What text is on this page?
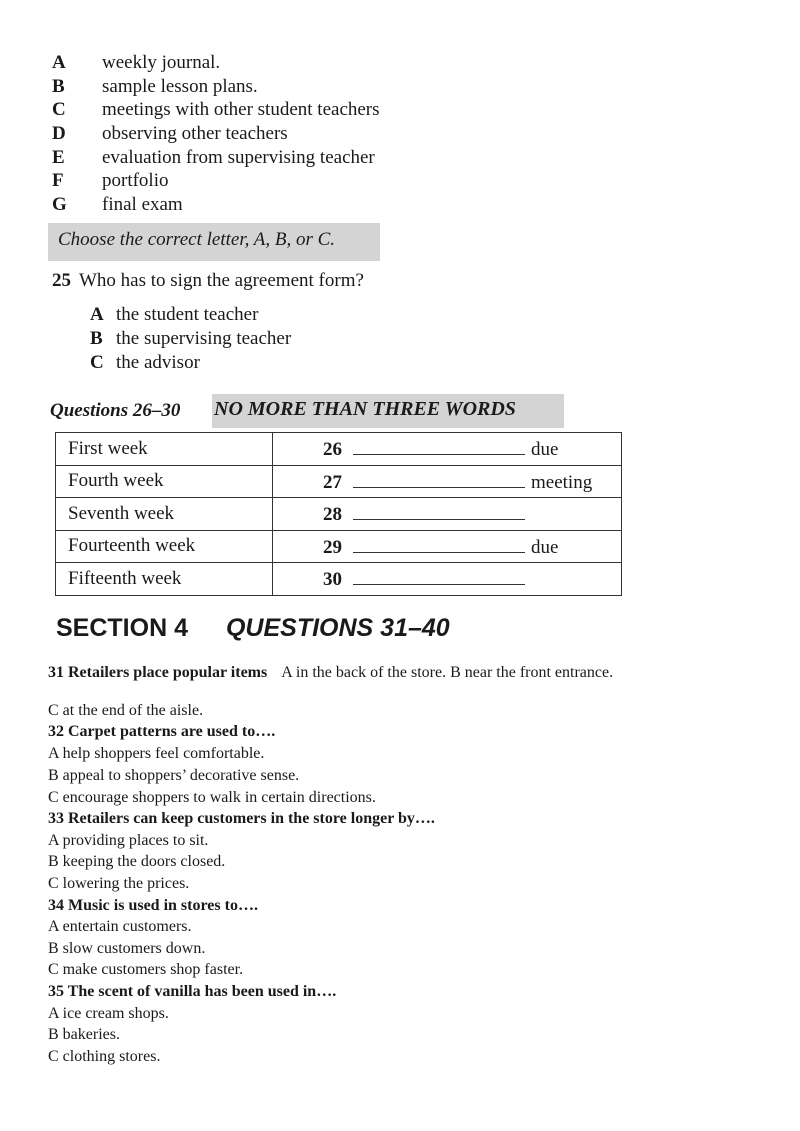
A	weekly journal.
B	sample lesson plans.
C	meetings with other student teachers
D	observing other teachers
E	evaluation from supervising teacher
F	portfolio
G	final exam
Choose the correct letter, A, B, or C.
25 Who has to sign the agreement form?
A the student teacher
B the supervising teacher
C the advisor
Questions 26–30 NO MORE THAN THREE WORDS
First week	26 due

Fourth week	27 meeting

Seventh week	28

Fourteenth week	29 due

Fifteenth week	30
SECTION 4 QUESTIONS 31–40
31 Retailers place popular items A in the back of the store. B near the front entrance.
C at the end of the aisle.
32 Carpet patterns are used to….
A help shoppers feel comfortable.
B appeal to shoppers’ decorative sense.
C encourage shoppers to walk in certain directions.
33 Retailers can keep customers in the store longer by….
A providing places to sit.
B keeping the doors closed.
C lowering the prices.
34 Music is used in stores to….
A entertain customers.
B slow customers down.
C make customers shop faster.
35 The scent of vanilla has been used in….
A ice cream shops.
B bakeries.
C clothing stores.
